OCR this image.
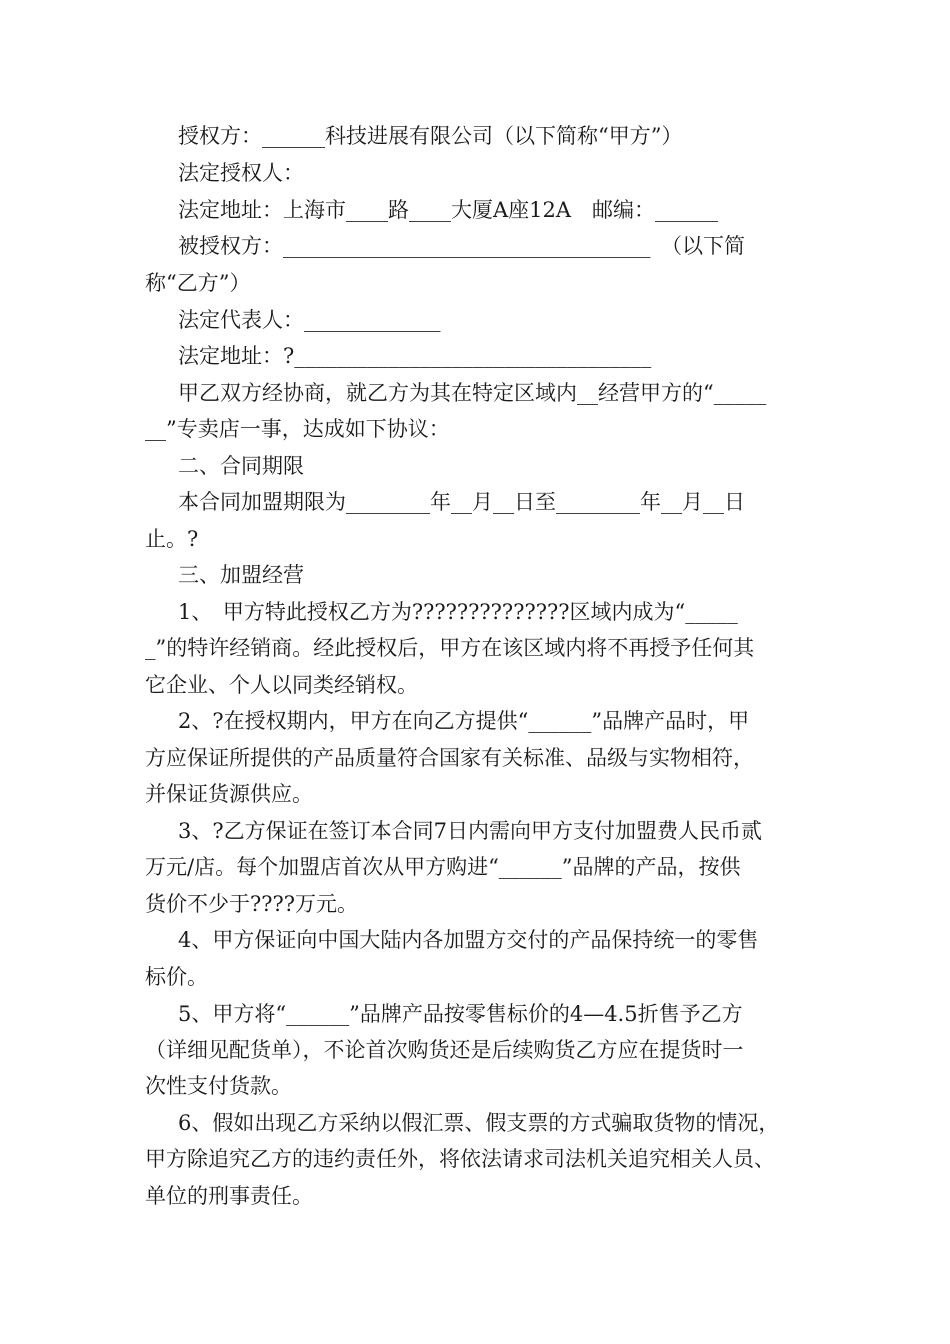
授权方：______科技进展有限公司（以下简称“甲方”）
法定授权人：
法定地址：上海市____路____大厦A座12A　邮编：______
被授权方：___________________________________　（以下简
称“乙方”）
法定代表人：_____________
法定地址：?__________________________________
甲乙双方经协商，就乙方为其在特定区域内__经营甲方的“_____
__”专卖店一事，达成如下协议：
二、合同期限
本合同加盟期限为________年__月__日至________年__月__日
止。?
三、加盟经营
1、　甲方特此授权乙方为??????????????区域内成为“_____
_”的特许经销商。经此授权后，甲方在该区域内将不再授予任何其
它企业、个人以同类经销权。
2、?在授权期内，甲方在向乙方提供“______”品牌产品时，甲
方应保证所提供的产品质量符合国家有关标准、品级与实物相符，
并保证货源供应。
3、?乙方保证在签订本合同7日内需向甲方支付加盟费人民币贰
万元/店。每个加盟店首次从甲方购进“______”品牌的产品，按供
货价不少于????万元。
4、甲方保证向中国大陆内各加盟方交付的产品保持统一的零售
标价。
5、甲方将“______”品牌产品按零售标价的4—4.5折售予乙方
（详细见配货单），不论首次购货还是后续购货乙方应在提货时一
次性支付货款。
6、假如出现乙方采纳以假汇票、假支票的方式骗取货物的情况，
甲方除追究乙方的违约责任外，将依法请求司法机关追究相关人员、
单位的刑事责任。
